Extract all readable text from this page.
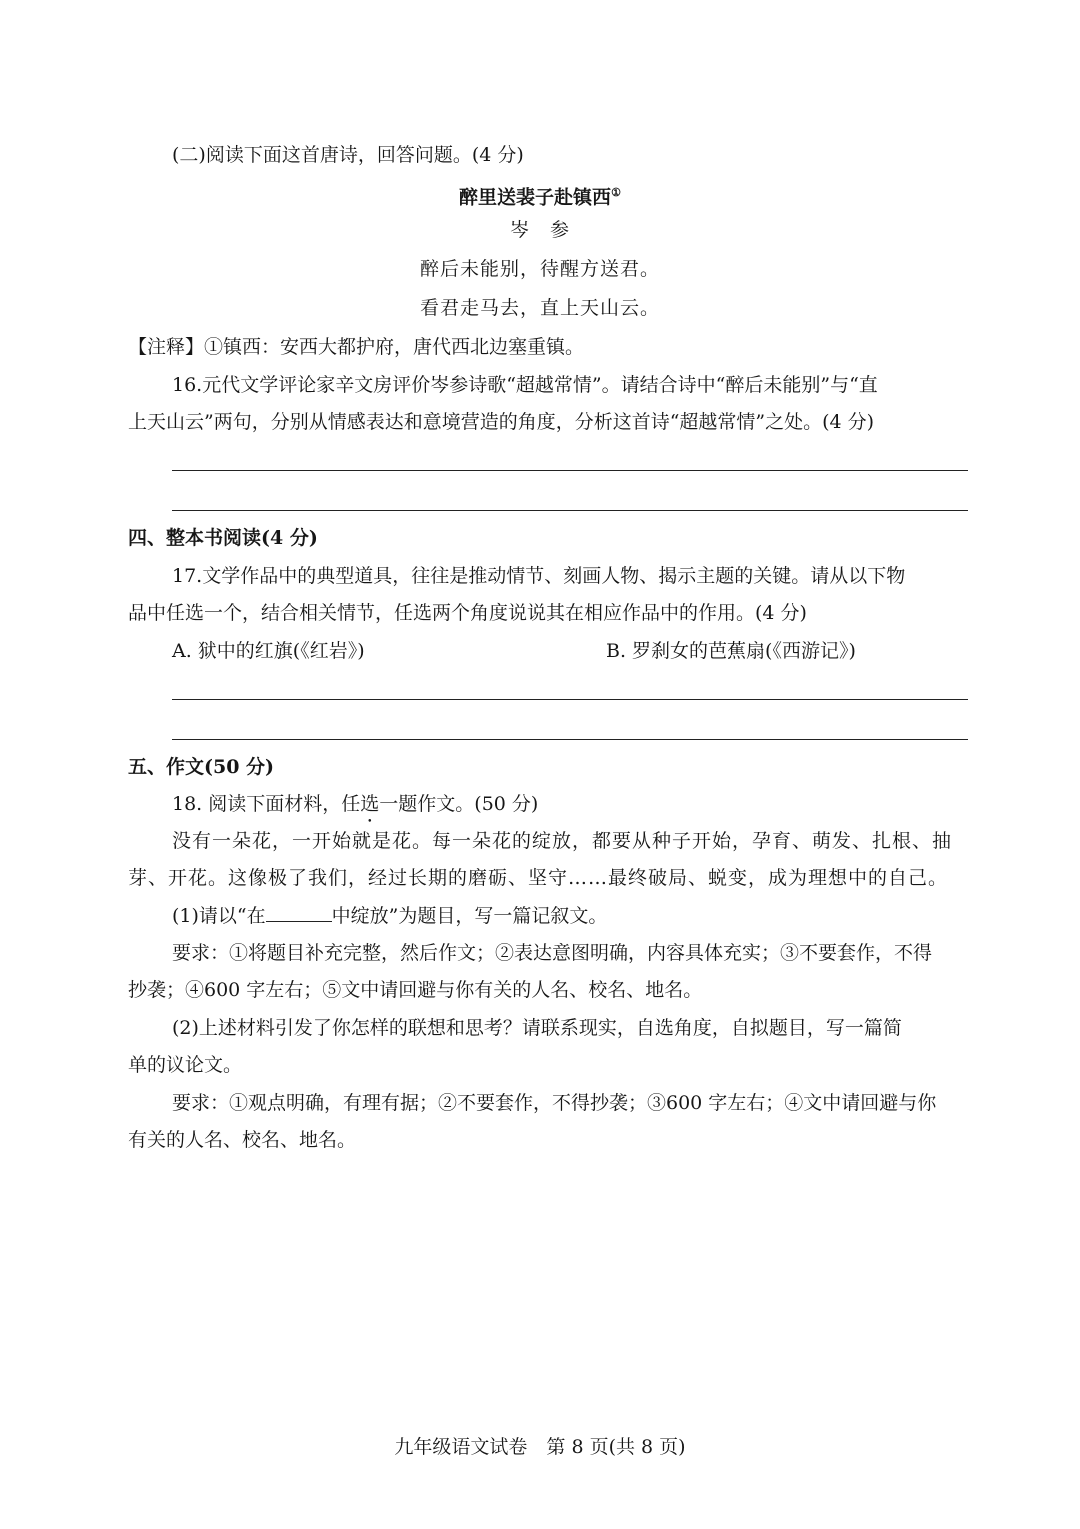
(二)阅读下面这首唐诗，回答问题。(4 分)
醉里送裴子赴镇西①
岑　参
醉后未能别，待醒方送君。
看君走马去，直上天山云。
【注释】①镇西：安西大都护府，唐代西北边塞重镇。
16.元代文学评论家辛文房评价岑参诗歌“超越常情”。请结合诗中“醉后未能别”与“直
上天山云”两句，分别从情感表达和意境营造的角度，分析这首诗“超越常情”之处。(4 分)
四、整本书阅读(4 分)
17.文学作品中的典型道具，往往是推动情节、刻画人物、揭示主题的关键。请从以下物
品中任选一个，结合相关情节，任选两个角度说说其在相应作品中的作用。(4 分)
A. 狱中的红旗(《红岩》)	B. 罗刹女的芭蕉扇(《西游记》)
五、作文(50 分)
18. 阅读下面材料，任选一题作文。(50 分)
没有一朵花，一开始就是花。每一朵花的绽放，都要从种子开始，孕育、萌发、扎根、抽
芽、开花。这像极了我们，经过长期的磨砺、坚守……最终破局、蜕变，成为理想中的自己。
(1)请以“在	中绽放”为题目，写一篇记叙文。
要求：①将题目补充完整，然后作文；②表达意图明确，内容具体充实；③不要套作，不得
抄袭；④600 字左右；⑤文中请回避与你有关的人名、校名、地名。
(2)上述材料引发了你怎样的联想和思考？请联系现实，自选角度，自拟题目，写一篇简
单的议论文。
要求：①观点明确，有理有据；②不要套作，不得抄袭；③600 字左右；④文中请回避与你
有关的人名、校名、地名。
九年级语文试卷　第 8 页(共 8 页)
